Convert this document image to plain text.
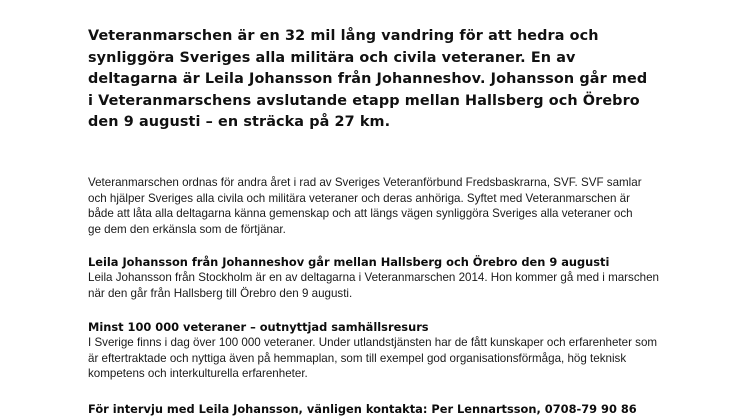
Veteranmarschen är en 32 mil lång vandring för att hedra och synliggöra Sveriges alla militära och civila veteraner. En av deltagarna är Leila Johansson från Johanneshov. Johansson går med i Veteranmarschens avslutande etapp mellan Hallsberg och Örebro den 9 augusti – en sträcka på 27 km.

Veteranmarschen ordnas för andra året i rad av Sveriges Veteranförbund Fredsbaskrarna, SVF. SVF samlar och hjälper Sveriges alla civila och militära veteraner och deras anhöriga. Syftet med Veteranmarschen är både att låta alla deltagarna känna gemenskap och att längs vägen synliggöra Sveriges alla veteraner och ge dem den erkänsla som de förtjänar.

Leila Johansson från Johanneshov går mellan Hallsberg och Örebro den 9 augusti

Leila Johansson från Stockholm är en av deltagarna i Veteranmarschen 2014. Hon kommer gå med i marschen när den går från Hallsberg till Örebro den 9 augusti.

Minst 100 000 veteraner – outnyttjad samhällsresurs

I Sverige finns i dag över 100 000 veteraner. Under utlandstjänsten har de fått kunskaper och erfarenheter som är eftertraktade och nyttiga även på hemmaplan, som till exempel god organisationsförmåga, hög teknisk kompetens och interkulturella erfarenheter.

För intervju med Leila Johansson, vänligen kontakta: Per Lennartsson, 0708-79 90 86
